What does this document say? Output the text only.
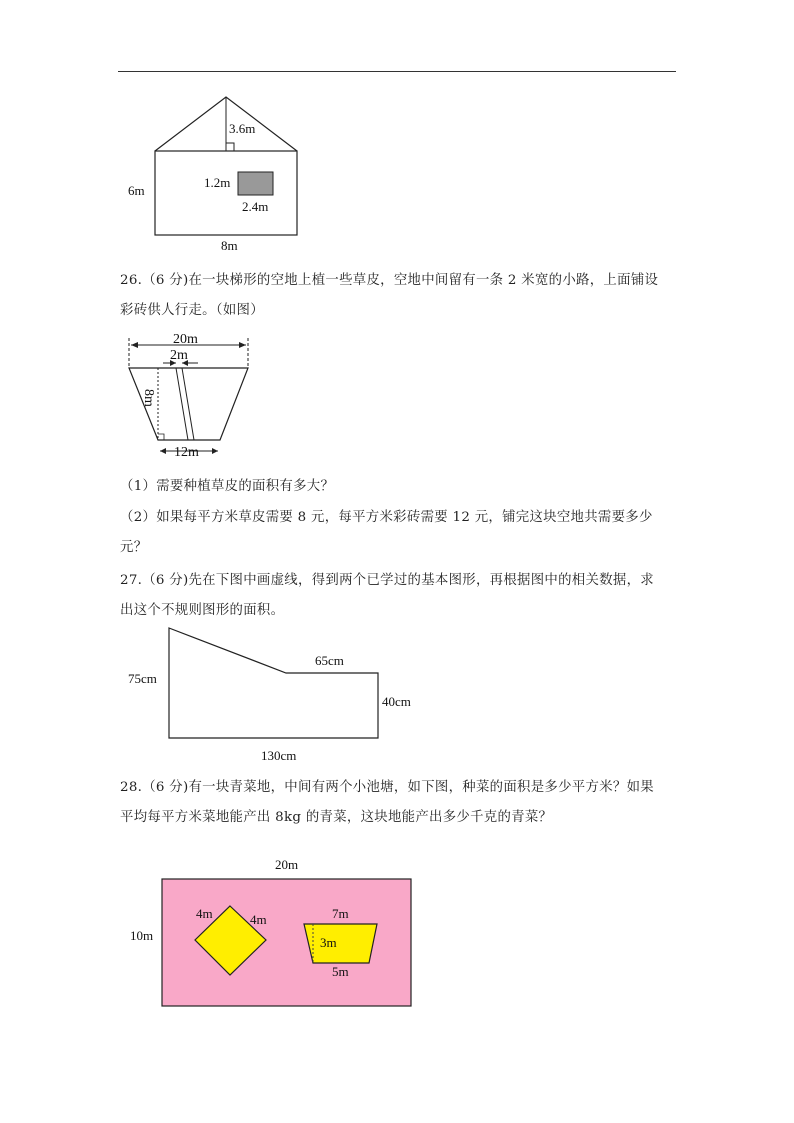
3.6m
6m
8m
1.2m
2.4m
20m
2m
8m
12m
75cm
65cm
40cm
130cm
20m
10m
4m	4m	7m
3m
5m
26.（6 分)在一块梯形的空地上植一些草皮，空地中间留有一条 2 米宽的小路，上面铺设
彩砖供人行走。（如图）
（1）需要种植草皮的面积有多大？
（2）如果每平方米草皮需要 8 元，每平方米彩砖需要 12 元，铺完这块空地共需要多少
元？
27.（6 分)先在下图中画虚线，得到两个已学过的基本图形，再根据图中的相关数据，求
出这个不规则图形的面积。
28.（6 分)有一块青菜地，中间有两个小池塘，如下图，种菜的面积是多少平方米？如果
平均每平方米菜地能产出 8kg 的青菜，这块地能产出多少千克的青菜？
